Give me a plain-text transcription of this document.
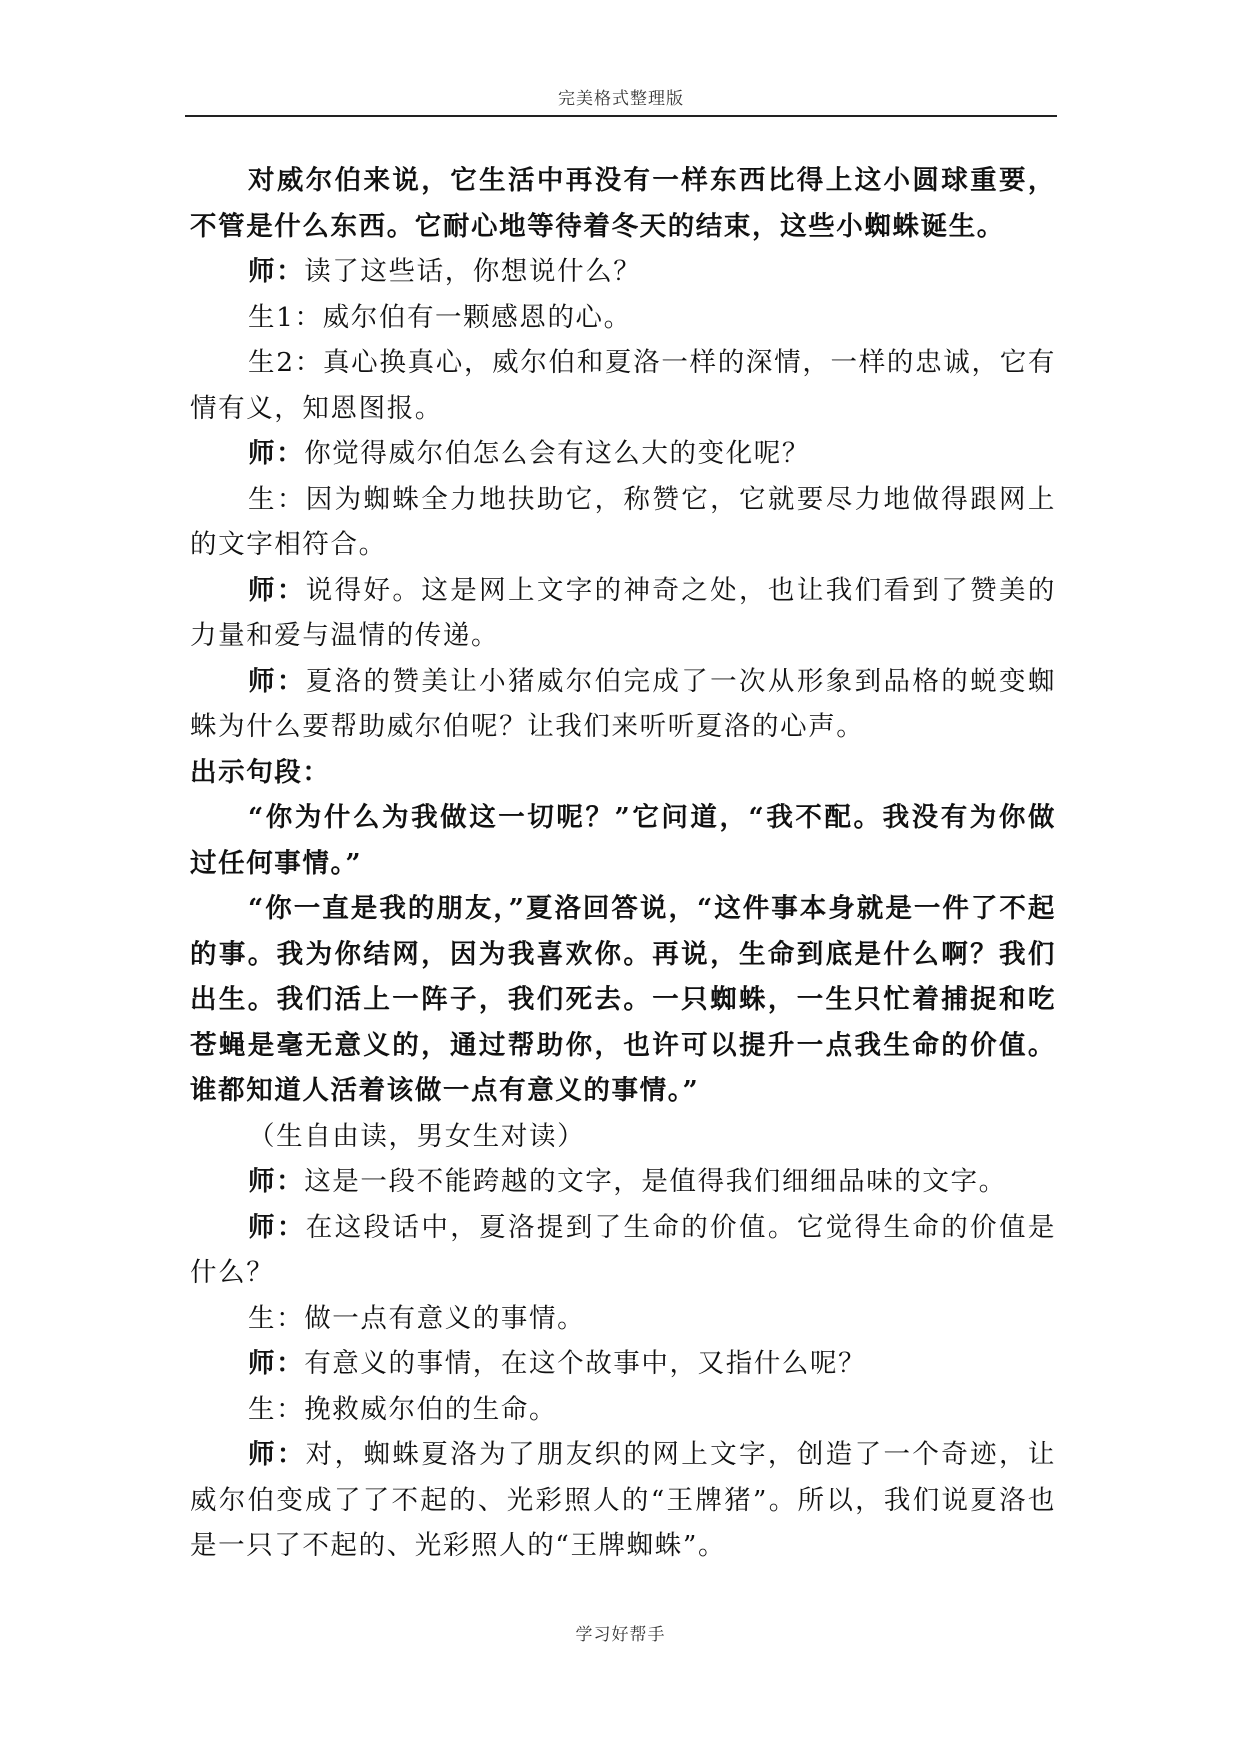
完美格式整理版

对威尔伯来说，它生活中再没有一样东西比得上这小圆球重要，不管是什么东西。它耐心地等待着冬天的结束，这些小蜘蛛诞生。

师：读了这些话，你想说什么？

生1：威尔伯有一颗感恩的心。

生2：真心换真心，威尔伯和夏洛一样的深情，一样的忠诚，它有情有义，知恩图报。

师：你觉得威尔伯怎么会有这么大的变化呢？

生：因为蜘蛛全力地扶助它，称赞它，它就要尽力地做得跟网上的文字相符合。

师：说得好。这是网上文字的神奇之处，也让我们看到了赞美的力量和爱与温情的传递。

师：夏洛的赞美让小猪威尔伯完成了一次从形象到品格的蜕变蜘蛛为什么要帮助威尔伯呢？让我们来听听夏洛的心声。

出示句段：

“你为什么为我做这一切呢？”它问道，“我不配。我没有为你做过任何事情。”

“你一直是我的朋友，”夏洛回答说，“这件事本身就是一件了不起的事。我为你结网，因为我喜欢你。再说，生命到底是什么啊？我们出生。我们活上一阵子，我们死去。一只蜘蛛，一生只忙着捕捉和吃苍蝇是毫无意义的，通过帮助你，也许可以提升一点我生命的价值。谁都知道人活着该做一点有意义的事情。”

（生自由读，男女生对读）

师：这是一段不能跨越的文字，是值得我们细细品味的文字。

师：在这段话中，夏洛提到了生命的价值。它觉得生命的价值是什么？

生：做一点有意义的事情。

师：有意义的事情，在这个故事中，又指什么呢？

生：挽救威尔伯的生命。

师：对，蜘蛛夏洛为了朋友织的网上文字，创造了一个奇迹，让威尔伯变成了了不起的、光彩照人的“王牌猪”。所以，我们说夏洛也是一只了不起的、光彩照人的“王牌蜘蛛”。

学习好帮手
